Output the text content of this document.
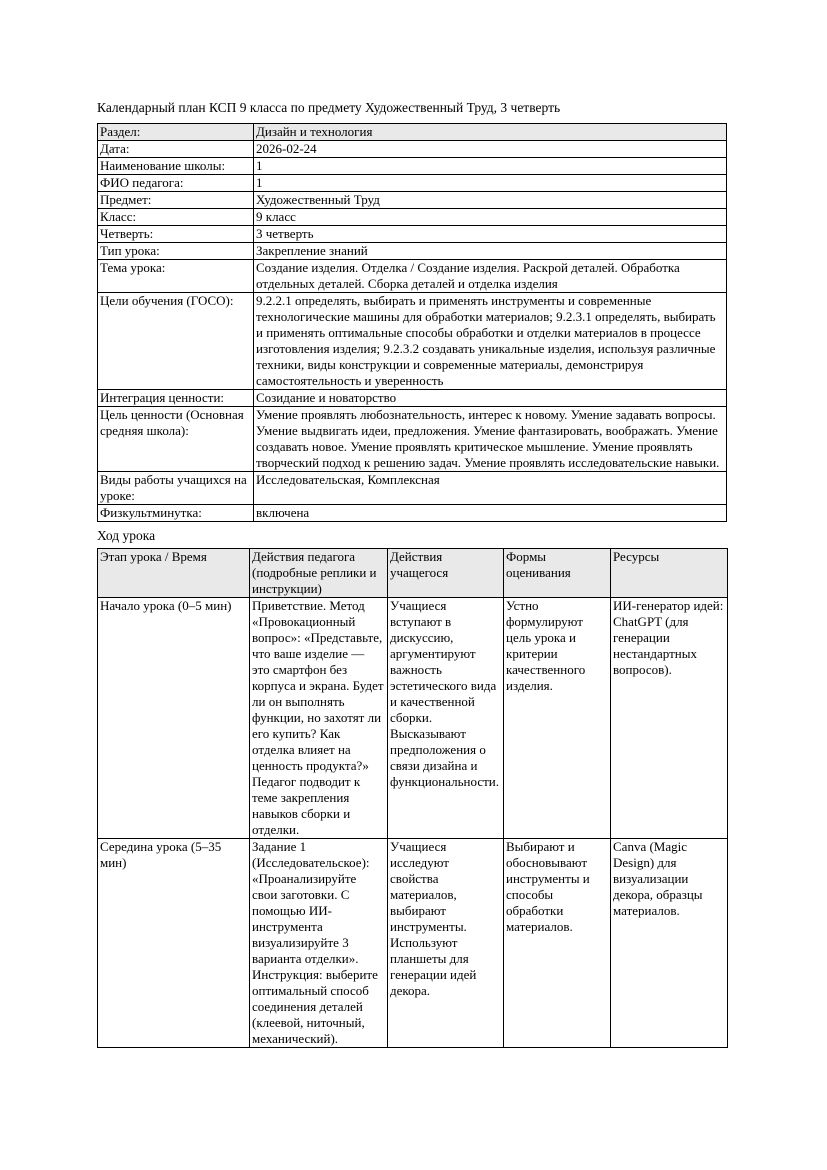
Календарный план КСП 9 класса по предмету Художественный Труд, 3 четверть
Раздел:	Дизайн и технология
Дата:	2026-02-24
Наименование школы:	1
ФИО педагога:	1
Предмет:	Художественный Труд
Класс:	9 класс
Четверть:	3 четверть
Тип урока:	Закрепление знаний
Тема урока:	Создание изделия. Отделка / Создание изделия. Раскрой деталей. Обработка отдельных деталей. Сборка деталей и отделка изделия
Цели обучения (ГОСО):	9.2.2.1 определять, выбирать и применять инструменты и современные технологические машины для обработки материалов; 9.2.3.1 определять, выбирать и применять оптимальные способы обработки и отделки материалов в процессе изготовления изделия; 9.2.3.2 создавать уникальные изделия, используя различные техники, виды конструкции и современные материалы, демонстрируя самостоятельность и уверенность
Интеграция ценности:	Созидание и новаторство
Цель ценности (Основная средняя школа):	Умение проявлять любознательность, интерес к новому. Умение задавать вопросы. Умение выдвигать идеи, предложения. Умение фантазировать, воображать. Умение создавать новое. Умение проявлять критическое мышление. Умение проявлять творческий подход к решению задач. Умение проявлять исследовательские навыки.
Виды работы учащихся на уроке:	Исследовательская, Комплексная
Физкультминутка:	включена
Ход урока
Этап урока / Время	Действия педагога (подробные реплики и инструкции)	Действия учащегося	Формы оценивания	Ресурсы
Начало урока (0–5 мин)	Приветствие. Метод «Провокационный вопрос»: «Представьте, что ваше изделие — это смартфон без корпуса и экрана. Будет ли он выполнять функции, но захотят ли его купить? Как отделка влияет на ценность продукта?» Педагог подводит к теме закрепления навыков сборки и отделки.	Учащиеся вступают в дискуссию, аргументируют важность эстетического вида и качественной сборки. Высказывают предположения о связи дизайна и функциональности.	Устно формулируют цель урока и критерии качественного изделия.	ИИ-генератор идей: ChatGPT (для генерации нестандартных вопросов).
Середина урока (5–35 мин)	Задание 1 (Исследовательское): «Проанализируйте свои заготовки. С помощью ИИ-инструмента визуализируйте 3 варианта отделки». Инструкция: выберите оптимальный способ соединения деталей (клеевой, ниточный, механический).	Учащиеся исследуют свойства материалов, выбирают инструменты. Используют планшеты для генерации идей декора.	Выбирают и обосновывают инструменты и способы обработки материалов.	Canva (Magic Design) для визуализации декора, образцы материалов.
